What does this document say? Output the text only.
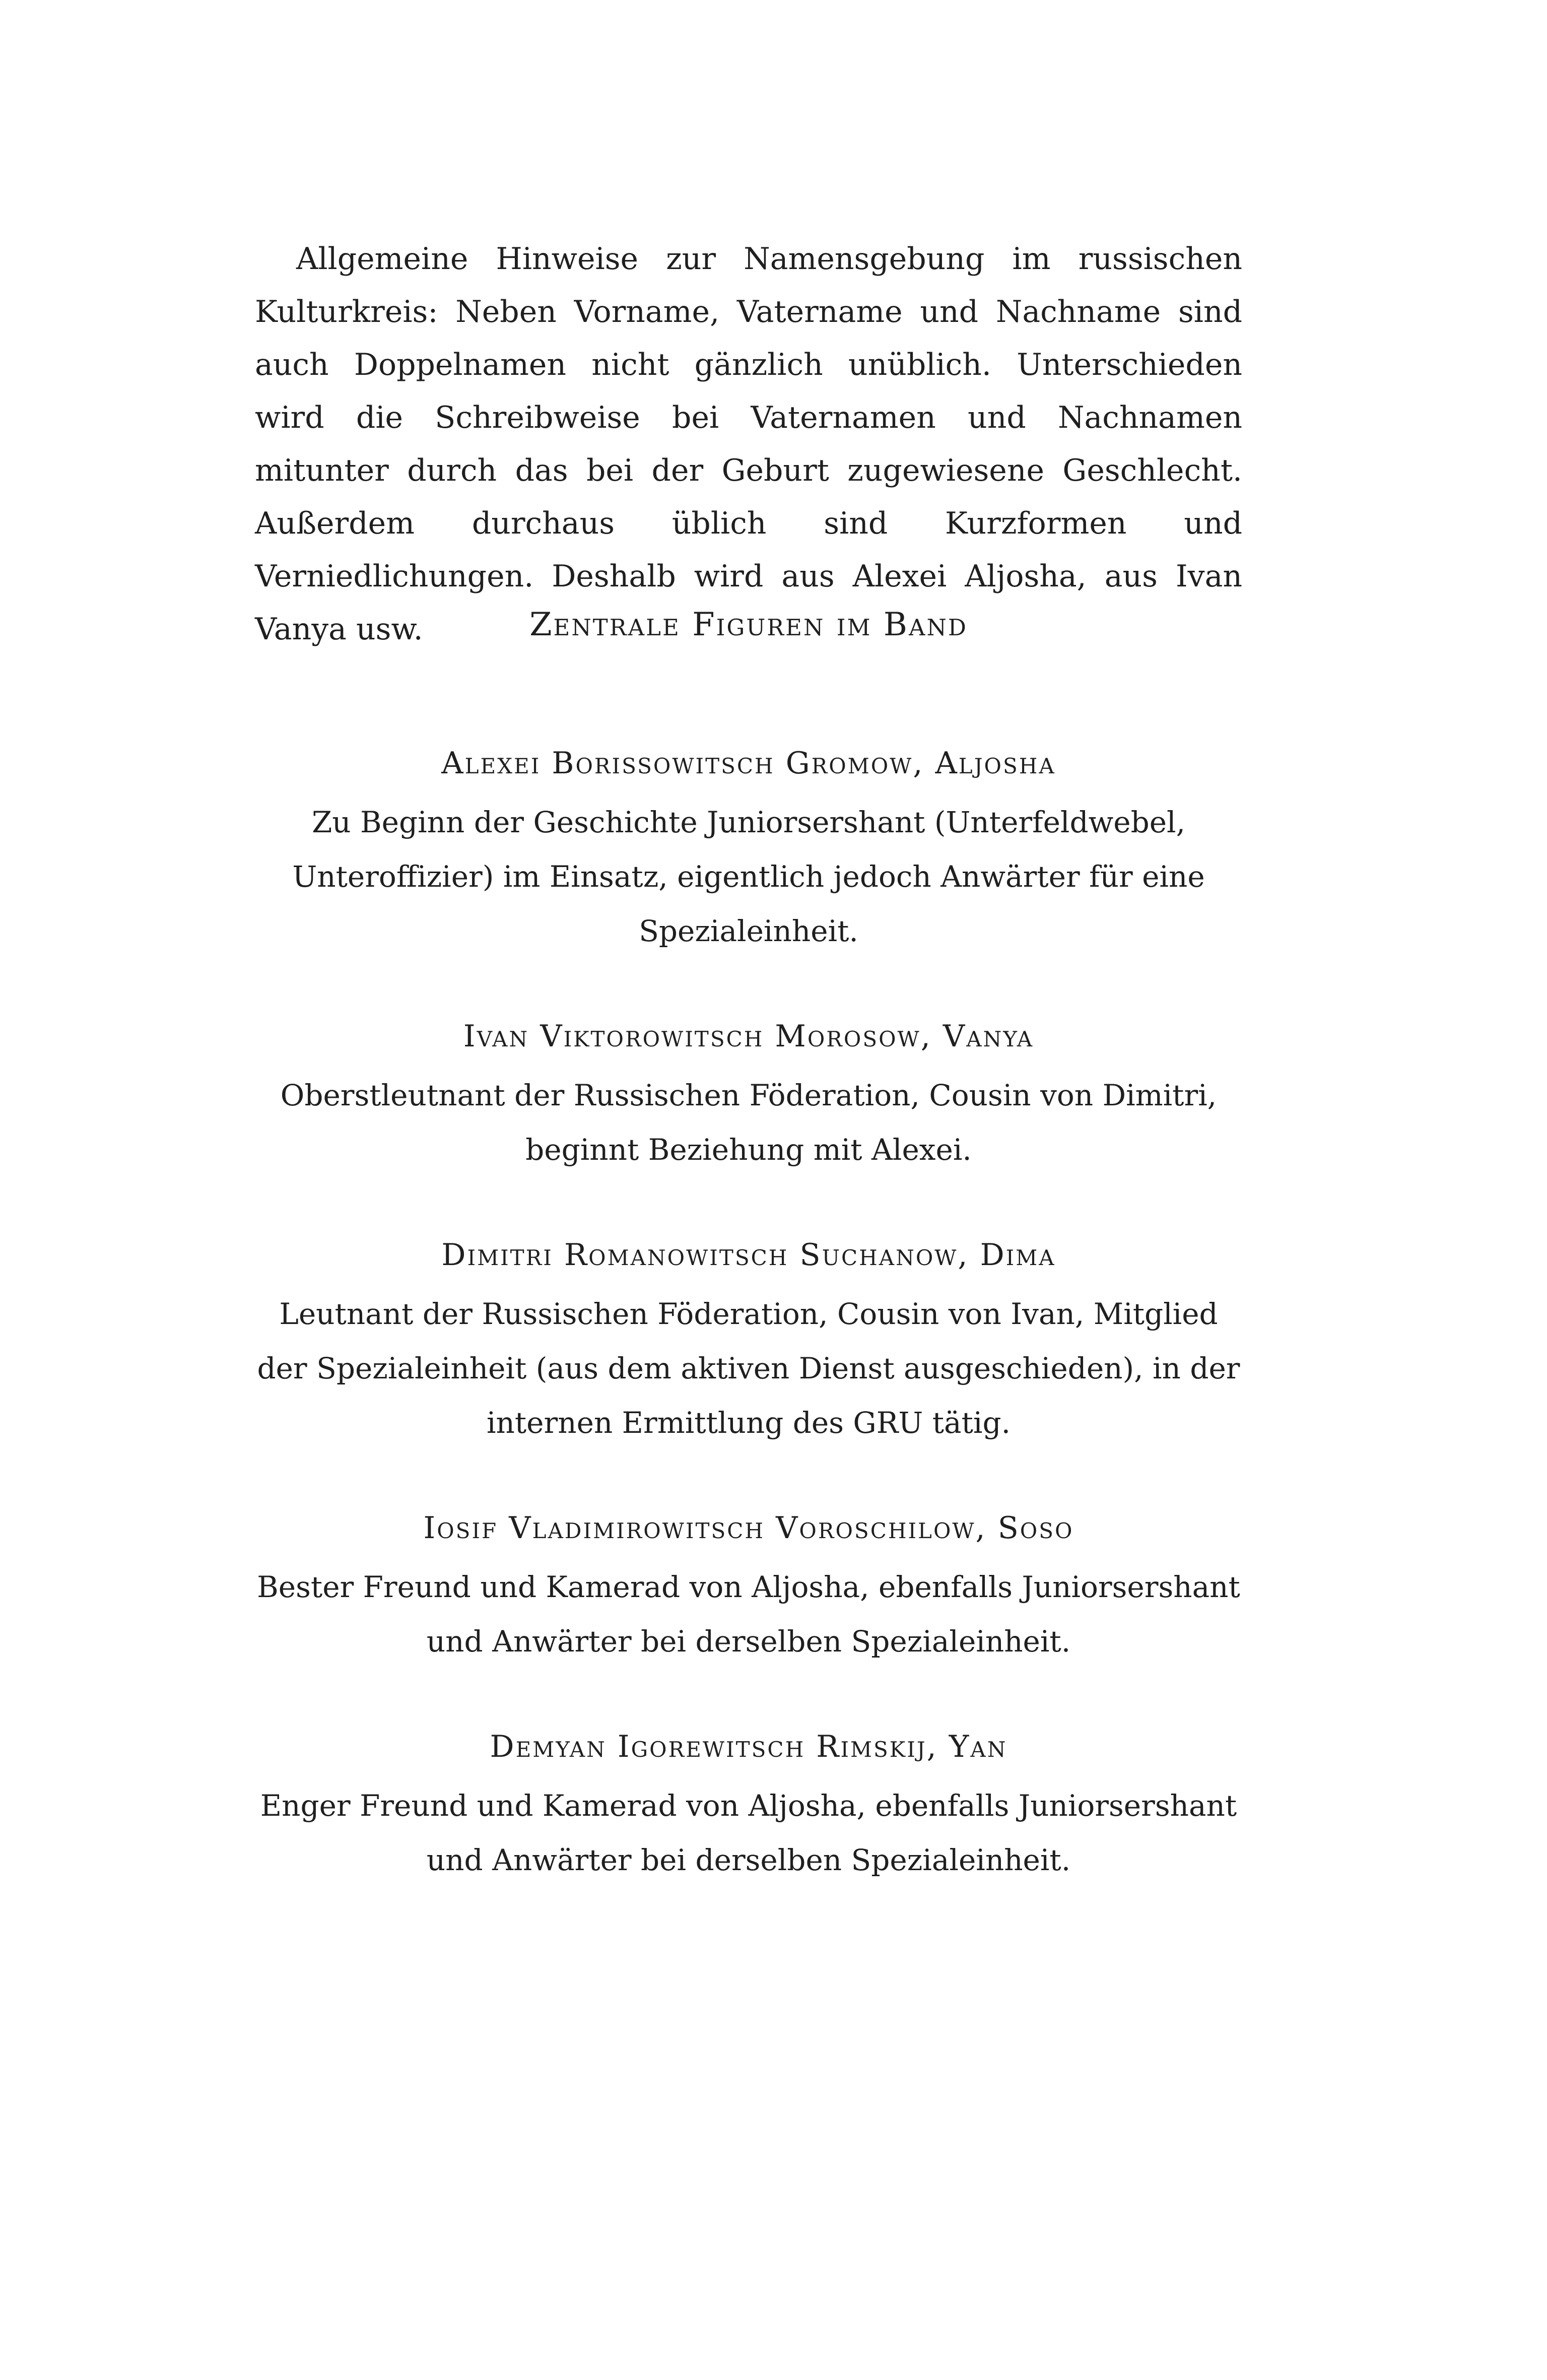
Allgemeine Hinweise zur Namensgebung im russischen Kulturkreis: Neben Vorname, Vatername und Nachname sind auch Doppelnamen nicht gänzlich unüblich. Unterschieden wird die Schreibweise bei Vaternamen und Nachnamen mitunter durch das bei der Geburt zugewiesene Geschlecht. Außerdem durchaus üblich sind Kurzformen und Verniedlichungen. Deshalb wird aus Alexei Aljosha, aus Ivan Vanya usw.	Zentrale Figuren im Band
Alexei Borissowitsch Gromow, Aljosha

Zu Beginn der Geschichte Juniorsershant (Unterfeldwebel, Unteroffizier) im Einsatz, eigentlich jedoch Anwärter für eine Spezialeinheit.

Ivan Viktorowitsch Morosow, Vanya

Oberstleutnant der Russischen Föderation, Cousin von Dimitri, beginnt Beziehung mit Alexei.

Dimitri Romanowitsch Suchanow, Dima

Leutnant der Russischen Föderation, Cousin von Ivan, Mitglied der Spezialeinheit (aus dem aktiven Dienst ausgeschieden), in der internen Ermittlung des GRU tätig.

Iosif Vladimirowitsch Voroschilow, Soso

Bester Freund und Kamerad von Aljosha, ebenfalls Juniorsershant und Anwärter bei derselben Spezialeinheit.

Demyan Igorewitsch Rimskij, Yan

Enger Freund und Kamerad von Aljosha, ebenfalls Juniorsershant und Anwärter bei derselben Spezialeinheit.
